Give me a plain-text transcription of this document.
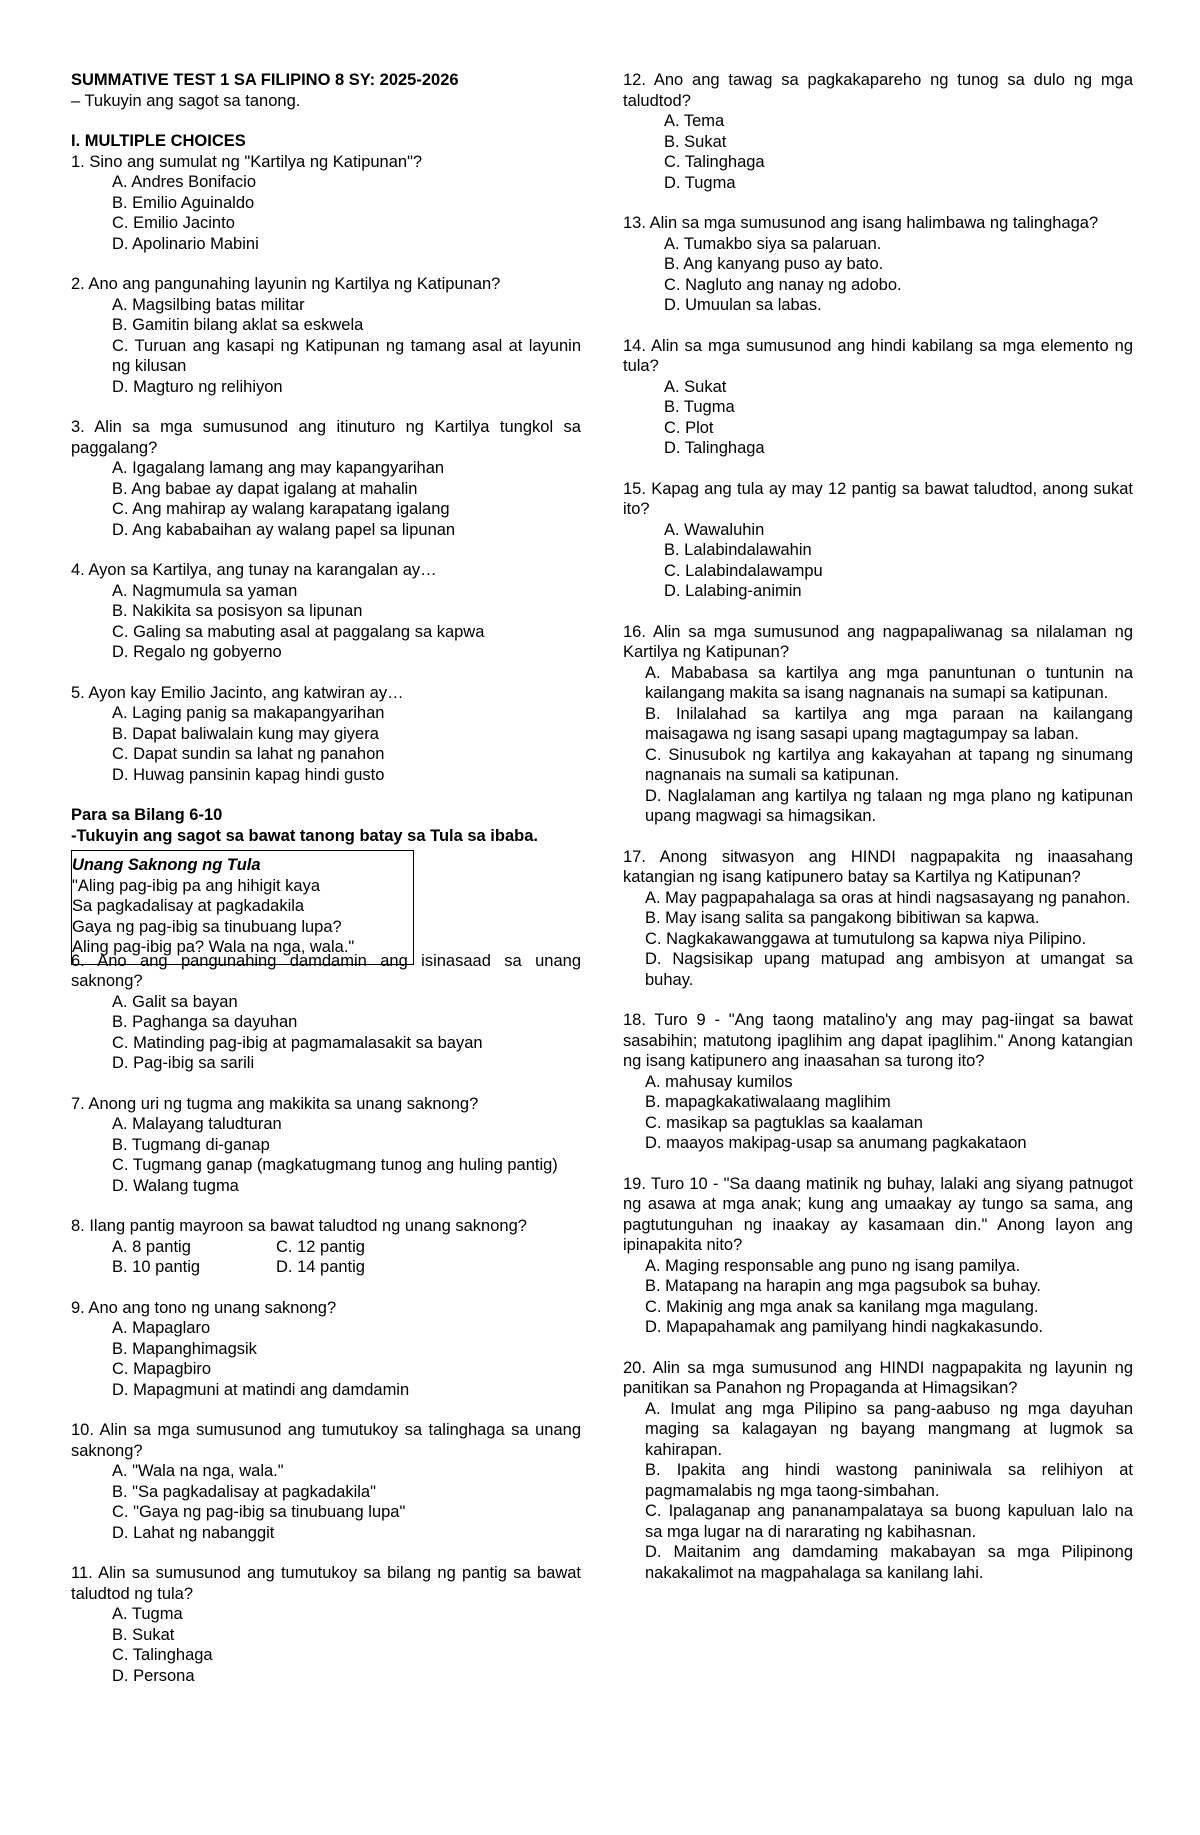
SUMMATIVE TEST 1 SA FILIPINO 8 SY: 2025-2026
– Tukuyin ang sagot sa tanong.
I. MULTIPLE CHOICES
1. Sino ang sumulat ng "Kartilya ng Katipunan"?
A. Andres Bonifacio
B. Emilio Aguinaldo
C. Emilio Jacinto
D. Apolinario Mabini
2. Ano ang pangunahing layunin ng Kartilya ng Katipunan?
A. Magsilbing batas militar
B. Gamitin bilang aklat sa eskwela
C. Turuan ang kasapi ng Katipunan ng tamang asal at layunin ng kilusan
D. Magturo ng relihiyon
3. Alin sa mga sumusunod ang itinuturo ng Kartilya tungkol sa paggalang?
A. Igagalang lamang ang may kapangyarihan
B. Ang babae ay dapat igalang at mahalin
C. Ang mahirap ay walang karapatang igalang
D. Ang kababaihan ay walang papel sa lipunan
4. Ayon sa Kartilya, ang tunay na karangalan ay…
A. Nagmumula sa yaman
B. Nakikita sa posisyon sa lipunan
C. Galing sa mabuting asal at paggalang sa kapwa
D. Regalo ng gobyerno
5. Ayon kay Emilio Jacinto, ang katwiran ay…
A. Laging panig sa makapangyarihan
B. Dapat baliwalain kung may giyera
C. Dapat sundin sa lahat ng panahon
D. Huwag pansinin kapag hindi gusto
Para sa Bilang 6-10
-Tukuyin ang sagot sa bawat tanong batay sa Tula sa ibaba.
Unang Saknong ng Tula
"Aling pag-ibig pa ang hihigit kaya
Sa pagkadalisay at pagkadakila
Gaya ng pag-ibig sa tinubuang lupa?
Aling pag-ibig pa? Wala na nga, wala."
6. Ano ang pangunahing damdamin ang isinasaad sa unang saknong?
A. Galit sa bayan
B. Paghanga sa dayuhan
C. Matinding pag-ibig at pagmamalasakit sa bayan
D. Pag-ibig sa sarili
7. Anong uri ng tugma ang makikita sa unang saknong?
A. Malayang taludturan
B. Tugmang di-ganap
C. Tugmang ganap (magkatugmang tunog ang huling pantig)
D. Walang tugma
8. Ilang pantig mayroon sa bawat taludtod ng unang saknong?
A. 8 pantig	C. 12 pantig
B. 10 pantig	D. 14 pantig
9. Ano ang tono ng unang saknong?
A. Mapaglaro
B. Mapanghimagsik
C. Mapagbiro
D. Mapagmuni at matindi ang damdamin
10. Alin sa mga sumusunod ang tumutukoy sa talinghaga sa unang saknong?
A. "Wala na nga, wala."
B. "Sa pagkadalisay at pagkadakila"
C. "Gaya ng pag-ibig sa tinubuang lupa"
D. Lahat ng nabanggit
11. Alin sa sumusunod ang tumutukoy sa bilang ng pantig sa bawat taludtod ng tula?
A. Tugma
B. Sukat
C. Talinghaga
D. Persona
12. Ano ang tawag sa pagkakapareho ng tunog sa dulo ng mga taludtod?
A. Tema
B. Sukat
C. Talinghaga
D. Tugma
13. Alin sa mga sumusunod ang isang halimbawa ng talinghaga?
A. Tumakbo siya sa palaruan.
B. Ang kanyang puso ay bato.
C. Nagluto ang nanay ng adobo.
D. Umuulan sa labas.
14. Alin sa mga sumusunod ang hindi kabilang sa mga elemento ng tula?
A. Sukat
B. Tugma
C. Plot
D. Talinghaga
15. Kapag ang tula ay may 12 pantig sa bawat taludtod, anong sukat ito?
A. Wawaluhin
B. Lalabindalawahin
C. Lalabindalawampu
D. Lalabing-animin
16. Alin sa mga sumusunod ang nagpapaliwanag sa nilalaman ng Kartilya ng Katipunan?
A. Mababasa sa kartilya ang mga panuntunan o tuntunin na kailangang makita sa isang nagnanais na sumapi sa katipunan.
B. Inilalahad sa kartilya ang mga paraan na kailangang maisagawa ng isang sasapi upang magtagumpay sa laban.
C. Sinusubok ng kartilya ang kakayahan at tapang ng sinumang nagnanais na sumali sa katipunan.
D. Naglalaman ang kartilya ng talaan ng mga plano ng katipunan upang magwagi sa himagsikan.
17. Anong sitwasyon ang HINDI nagpapakita ng inaasahang katangian ng isang katipunero batay sa Kartilya ng Katipunan?
A. May pagpapahalaga sa oras at hindi nagsasayang ng panahon.
B. May isang salita sa pangakong bibitiwan sa kapwa.
C. Nagkakawanggawa at tumutulong sa kapwa niya Pilipino.
D. Nagsisikap upang matupad ang ambisyon at umangat sa buhay.
18. Turo 9 - "Ang taong matalino'y ang may pag-iingat sa bawat sasabihin; matutong ipaglihim ang dapat ipaglihim." Anong katangian ng isang katipunero ang inaasahan sa turong ito?
A. mahusay kumilos
B. mapagkakatiwalaang maglihim
C. masikap sa pagtuklas sa kaalaman
D. maayos makipag-usap sa anumang pagkakataon
19. Turo 10 - "Sa daang matinik ng buhay, lalaki ang siyang patnugot ng asawa at mga anak; kung ang umaakay ay tungo sa sama, ang pagtutunguhan ng inaakay ay kasamaan din." Anong layon ang ipinapakita nito?
A. Maging responsable ang puno ng isang pamilya.
B. Matapang na harapin ang mga pagsubok sa buhay.
C. Makinig ang mga anak sa kanilang mga magulang.
D. Mapapahamak ang pamilyang hindi nagkakasundo.
20. Alin sa mga sumusunod ang HINDI nagpapakita ng layunin ng panitikan sa Panahon ng Propaganda at Himagsikan?
A. Imulat ang mga Pilipino sa pang-aabuso ng mga dayuhan maging sa kalagayan ng bayang mangmang at lugmok sa kahirapan.
B. Ipakita ang hindi wastong paniniwala sa relihiyon at pagmamalabis ng mga taong-simbahan.
C. Ipalaganap ang pananampalataya sa buong kapuluan lalo na sa mga lugar na di nararating ng kabihasnan.
D. Maitanim ang damdaming makabayan sa mga Pilipinong nakakalimot na magpahalaga sa kanilang lahi.
